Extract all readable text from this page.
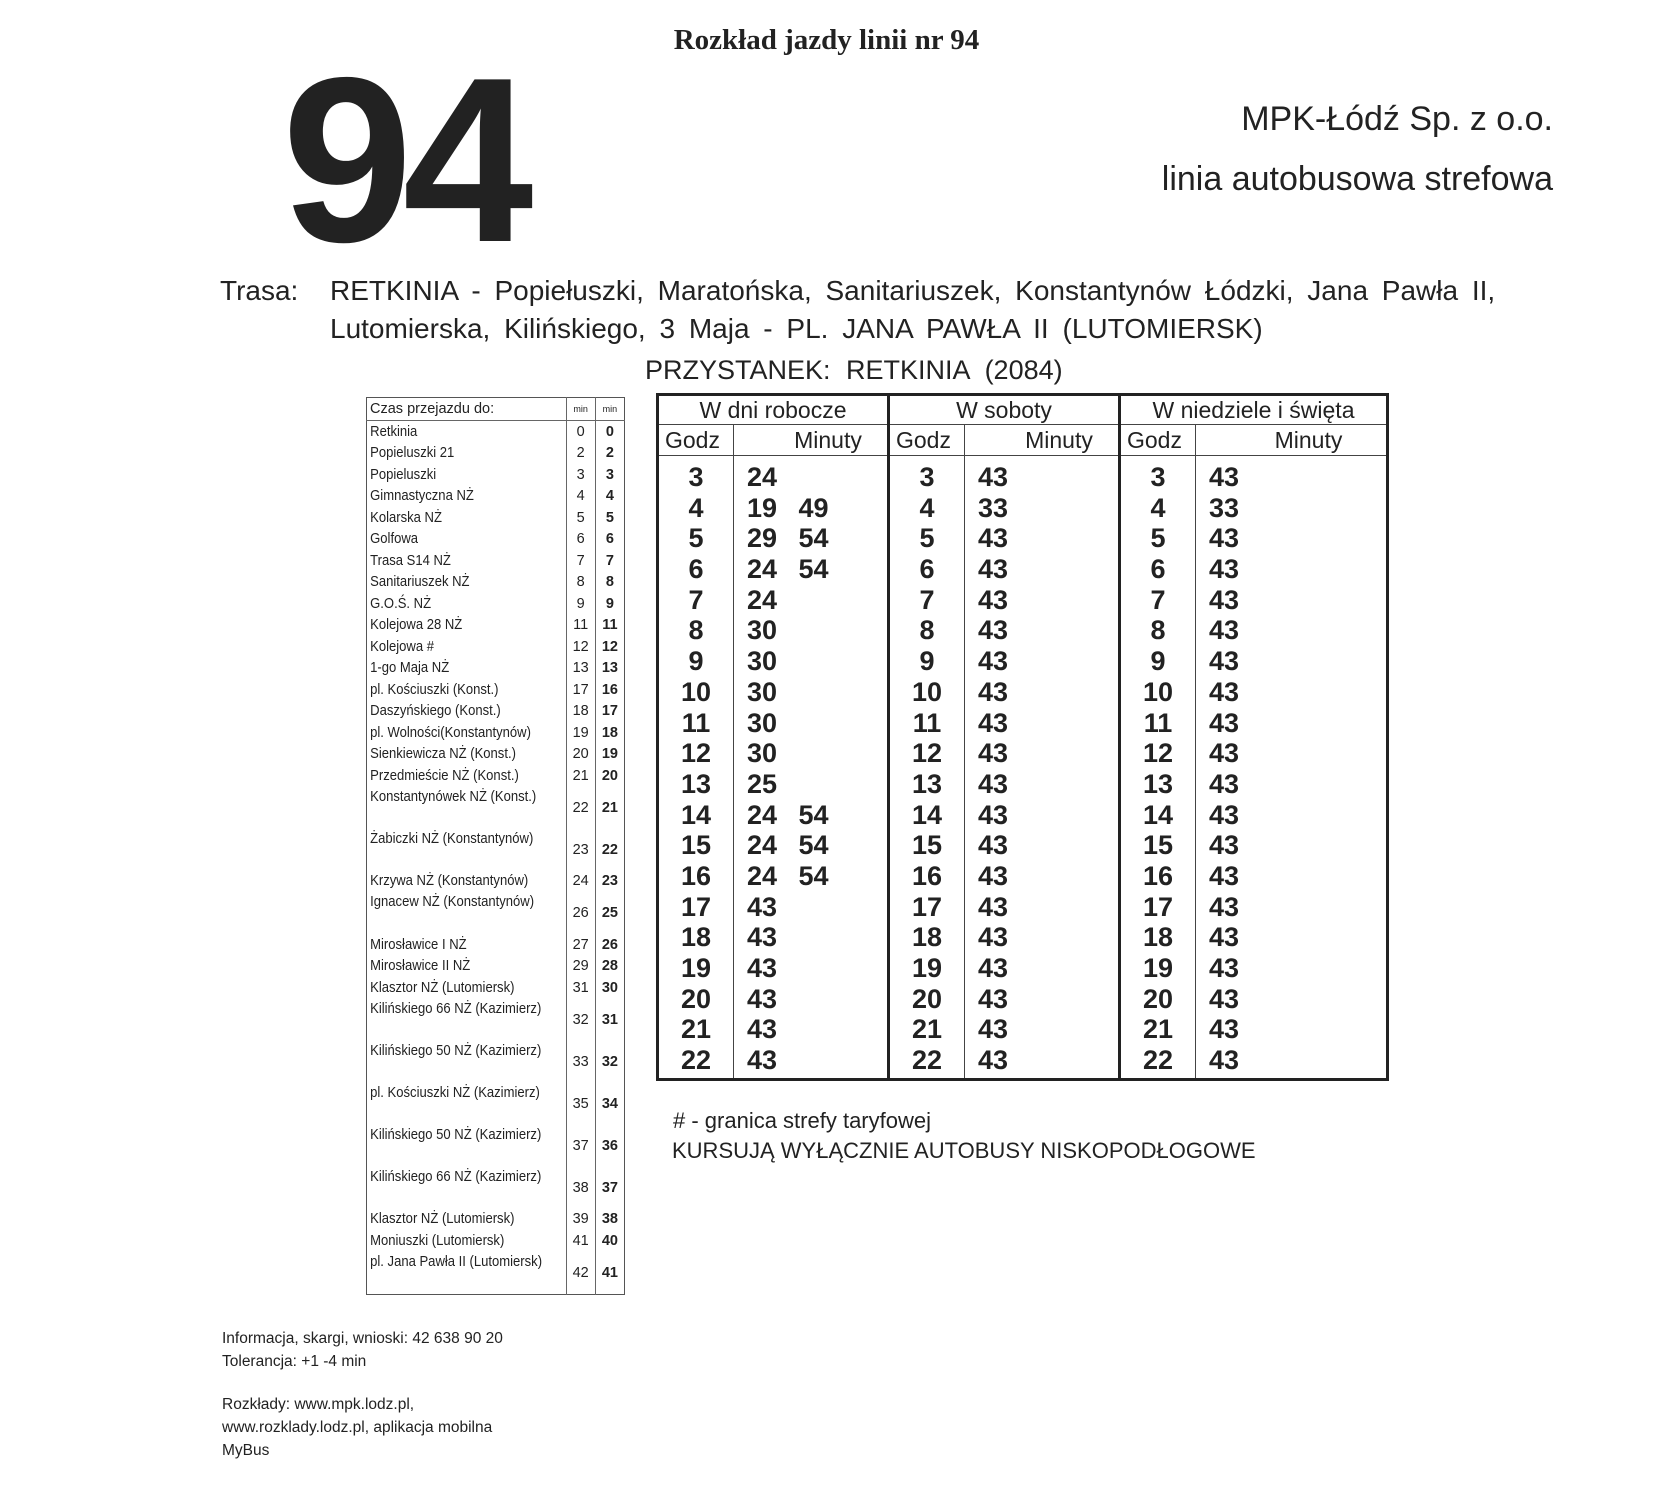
Rozkład jazdy linii nr 94
94	MPK-Łódź Sp. z o.o.
linia autobusowa strefowa
Trasa: RETKINIA - Popiełuszki, Maratońska, Sanitariuszek, Konstantynów Łódzki, Jana Pawła II, Lutomierska, Kilińskiego, 3 Maja - PL. JANA PAWŁA II (LUTOMIERSK)
PRZYSTANEK: RETKINIA (2084)
Czas przejazdu do:	min	min
Retkinia	0	0
Popieluszki 21	2	2
Popieluszki	3	3
Gimnastyczna NŻ	4	4
Kolarska NŻ	5	5
Golfowa	6	6
Trasa S14 NŻ	7	7
Sanitariuszek NŻ	8	8
G.O.Ś. NŻ	9	9
Kolejowa 28 NŻ	11	11
Kolejowa #	12	12
1-go Maja NŻ	13	13
pl. Kościuszki (Konst.)	17	16
Daszyńskiego (Konst.)	18	17
pl. Wolności(Konstantynów)	19	18
Sienkiewicza NŻ (Konst.)	20	19
Przedmieście NŻ (Konst.)	21	20
Konstantynówek NŻ (Konst.)	22	21
Żabiczki NŻ (Konstantynów)	23	22
Krzywa NŻ (Konstantynów)	24	23
Ignacew NŻ (Konstantynów)	26	25
Mirosławice I NŻ	27	26
Mirosławice II NŻ	29	28
Klasztor NŻ (Lutomiersk)	31	30
Kilińskiego 66 NŻ (Kazimierz)	32	31
Kilińskiego 50 NŻ (Kazimierz)	33	32
pl. Kościuszki NŻ (Kazimierz)	35	34
Kilińskiego 50 NŻ (Kazimierz)	37	36
Kilińskiego 66 NŻ (Kazimierz)	38	37
Klasztor NŻ (Lutomiersk)	39	38
Moniuszki (Lutomiersk)	41	40
pl. Jana Pawła II (Lutomiersk)	42	41
W dni robocze
Godz	Minuty
3	24
4	19 49
5	29 54
6	24 54
7	24
8	30
9	30
10	30
11	30
12	30
13	25
14	24 54
15	24 54
16	24 54
17	43
18	43
19	43
20	43
21	43
22	43
W soboty
Godz	Minuty
3	43
4	33
5	43
6	43
7	43
8	43
9	43
10	43
11	43
12	43
13	43
14	43
15	43
16	43
17	43
18	43
19	43
20	43
21	43
22	43
W niedziele i święta
Godz	Minuty
3	43
4	33
5	43
6	43
7	43
8	43
9	43
10	43
11	43
12	43
13	43
14	43
15	43
16	43
17	43
18	43
19	43
20	43
21	43
22	43
# - granica strefy taryfowej
KURSUJĄ WYŁĄCZNIE AUTOBUSY NISKOPODŁOGOWE
Informacja, skargi, wnioski: 42 638 90 20
Tolerancja: +1 -4 min
Rozkłady: www.mpk.lodz.pl,
www.rozklady.lodz.pl, aplikacja mobilna
MyBus
